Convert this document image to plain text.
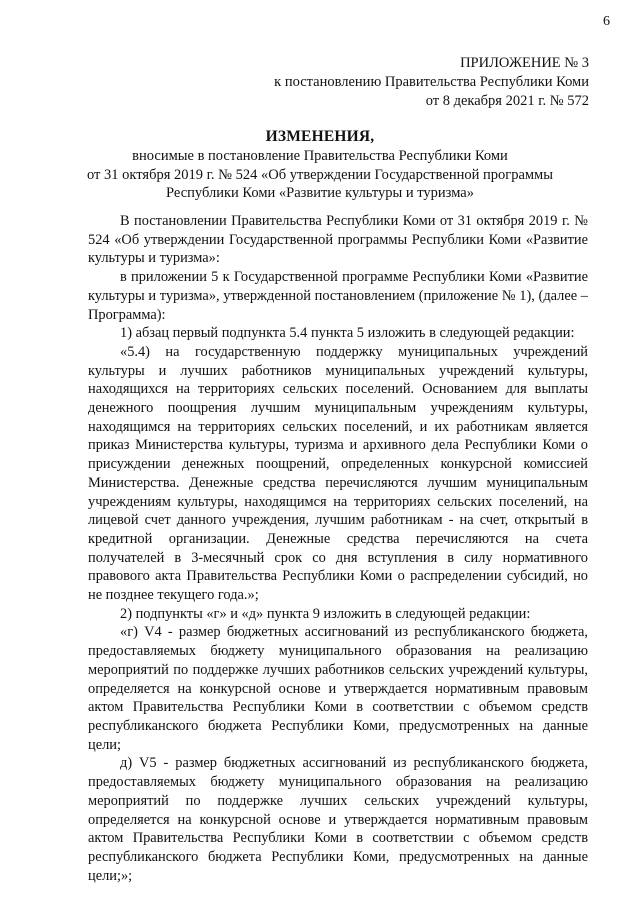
6
ПРИЛОЖЕНИЕ № 3
к постановлению Правительства Республики Коми
от 8 декабря 2021 г. № 572
ИЗМЕНЕНИЯ,
вносимые в постановление Правительства Республики Коми
от 31 октября 2019 г. № 524 «Об утверждении Государственной программы
Республики Коми «Развитие культуры и туризма»

В постановлении Правительства Республики Коми от 31 октября 2019 г. № 524 «Об утверждении Государственной программы Республики Коми «Развитие культуры и туризма»:

в приложении 5 к Государственной программе Республики Коми «Развитие культуры и туризма», утвержденной постановлением (приложение № 1), (далее – Программа):

1) абзац первый подпункта 5.4 пункта 5 изложить в следующей редакции:

«5.4) на государственную поддержку муниципальных учреждений культуры и лучших работников муниципальных учреждений культуры, находящихся на территориях сельских поселений. Основанием для выплаты денежного поощрения лучшим муниципальным учреждениям культуры, находящимся на территориях сельских поселений, и их работникам является приказ Министерства культуры, туризма и архивного дела Республики Коми о присуждении денежных поощрений, определенных конкурсной комиссией Министерства. Денежные средства перечисляются лучшим муниципальным учреждениям культуры, находящимся на территориях сельских поселений, на лицевой счет данного учреждения, лучшим работникам - на счет, открытый в кредитной организации. Денежные средства перечисляются на счета получателей в 3-месячный срок со дня вступления в силу нормативного правового акта Правительства Республики Коми о распределении субсидий, но не позднее текущего года.»;

2) подпункты «г» и «д» пункта 9 изложить в следующей редакции:

«г) V4 - размер бюджетных ассигнований из республиканского бюджета, предоставляемых бюджету муниципального образования на реализацию мероприятий по поддержке лучших работников сельских учреждений культуры, определяется на конкурсной основе и утверждается нормативным правовым актом Правительства Республики Коми в соответствии с объемом средств республиканского бюджета Республики Коми, предусмотренных на данные цели;

д) V5 - размер бюджетных ассигнований из республиканского бюджета, предоставляемых бюджету муниципального образования на реализацию мероприятий по поддержке лучших сельских учреждений культуры, определяется на конкурсной основе и утверждается нормативным правовым актом Правительства Республики Коми в соответствии с объемом средств республиканского бюджета Республики Коми, предусмотренных на данные цели;»;
